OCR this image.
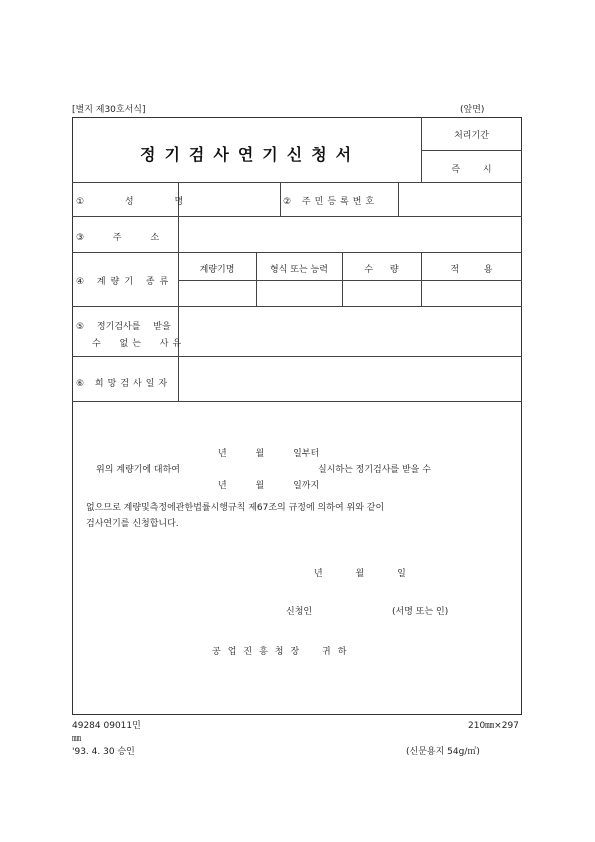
[별지 제30호서식]	(앞면)
정기검사연기신청서
처리기간
즉 시
① 성 명	② 주민등록번호
③ 주 소
④ 계량기 종류
계량기명	형식 또는 능력	수 량	적 용
⑤ 정기검사를 받을
수 없는 사유
⑥ 희망검사일자
년 월 일부터
위의 계량기에 대하여	실시하는 정기검사를 받을 수
년 월 일까지
없으므로 계량및측정에관한법률시행규칙 제67조의 규정에 의하여 위와 같이
검사연기를 신청합니다.
년 월 일
신청인	(서명 또는 인)
공업진흥청장 귀하
49284 09011민
㎜
'93. 4. 30 승인
210㎜×297
(신문용지 54g/㎡)
